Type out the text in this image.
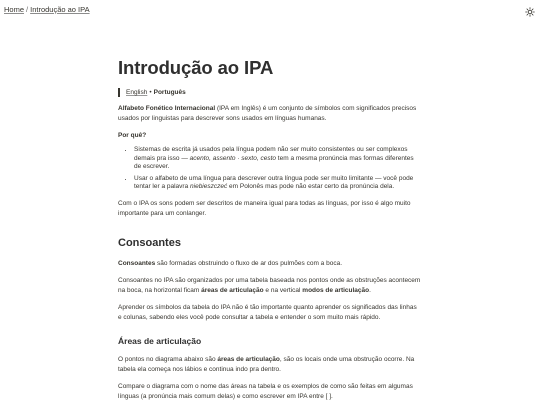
Home / Introdução ao IPA
Introdução ao IPA
English • Português

Alfabeto Fonético Internacional (IPA em Inglês) é um conjunto de símbolos com significados precisos usados por linguistas para descrever sons usados em línguas humanas.

Por quê?

• Sistemas de escrita já usados pela língua podem não ser muito consistentes ou ser complexos demais pra isso — acento, assento · sexto, cesto tem a mesma pronúncia mas formas diferentes de escrever.
• Usar o alfabeto de uma língua para descrever outra língua pode ser muito limitante — você pode tentar ler a palavra niebieszczeć em Polonês mas pode não estar certo da pronúncia dela.

Com o IPA os sons podem ser descritos de maneira igual para todas as línguas, por isso é algo muito importante para um conlanger.

Consoantes

Consoantes são formadas obstruindo o fluxo de ar dos pulmões com a boca.

Consoantes no IPA são organizados por uma tabela baseada nos pontos onde as obstruções acontecem na boca, na horizontal ficam áreas de articulação e na vertical modos de articulação.

Aprender os símbolos da tabela do IPA não é tão importante quanto aprender os significados das linhas e colunas, sabendo eles você pode consultar a tabela e entender o som muito mais rápido.

Áreas de articulação

O pontos no diagrama abaixo são áreas de articulação, são os locais onde uma obstrução ocorre. Na tabela ela começa nos lábios e continua indo pra dentro.

Compare o diagrama com o nome das áreas na tabela e os exemplos de como são feitas em algumas línguas (a pronúncia mais comum delas) e como escrever em IPA entre [ ].
